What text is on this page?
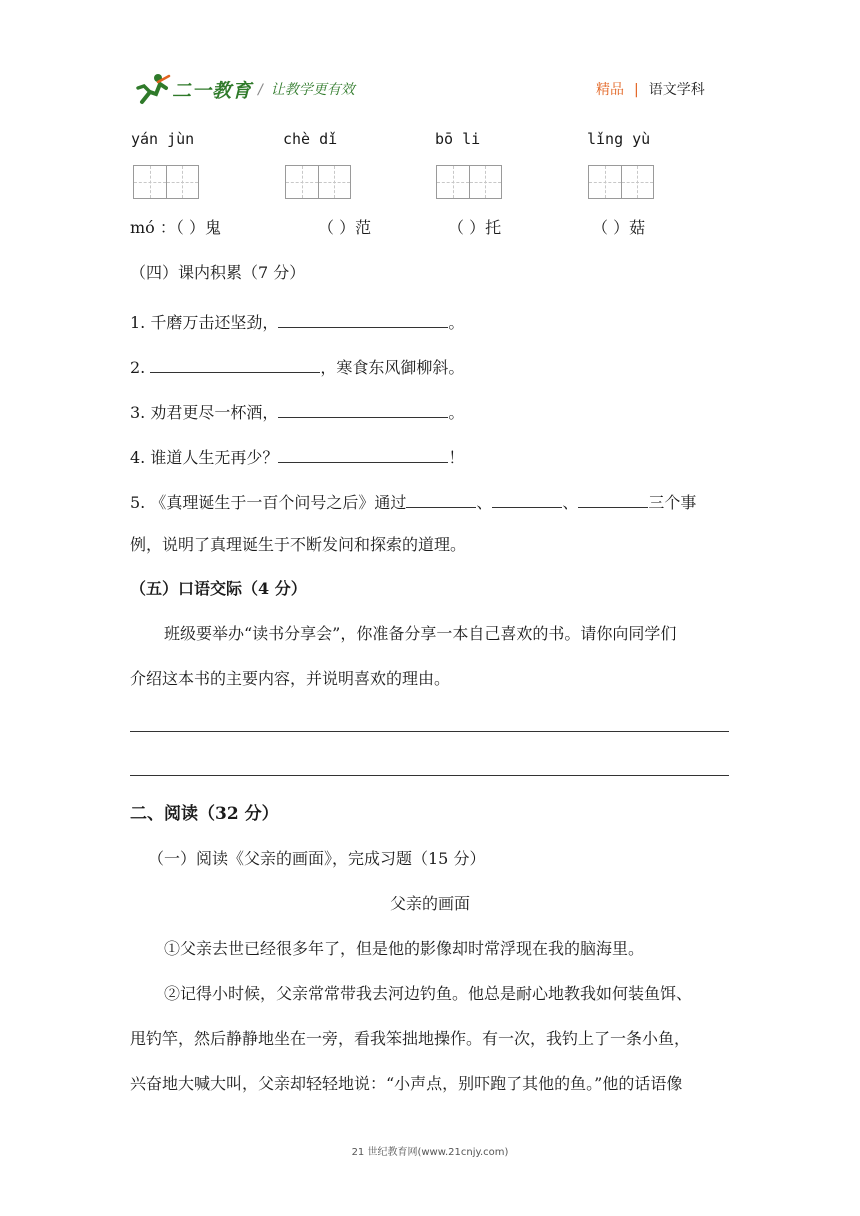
二一教育 / 让教学更有效	精品 | 语文学科
yán jùn	chè dǐ	bō li	lǐng yù
mó ：（ ）鬼	（ ）范	（ ）托	（ ）菇
（四）课内积累（7 分）
1. 千磨万击还坚劲，	。
2.	，寒食东风御柳斜。
3. 劝君更尽一杯酒，	。
4. 谁道人生无再少？	！
5. 《真理诞生于一百个问号之后》通过	、	、	三个事
例，说明了真理诞生于不断发问和探索的道理。
（五）口语交际（4 分）
班级要举办“读书分享会”，你准备分享一本自己喜欢的书。请你向同学们
介绍这本书的主要内容，并说明喜欢的理由。
二、阅读（32 分）
（一）阅读《父亲的画面》，完成习题（15 分）
父亲的画面
①父亲去世已经很多年了，但是他的影像却时常浮现在我的脑海里。
②记得小时候，父亲常常带我去河边钓鱼。他总是耐心地教我如何装鱼饵、
甩钓竿，然后静静地坐在一旁，看我笨拙地操作。有一次，我钓上了一条小鱼，
兴奋地大喊大叫，父亲却轻轻地说：“小声点，别吓跑了其他的鱼。”他的话语像
21 世纪教育网(www.21cnjy.com)
